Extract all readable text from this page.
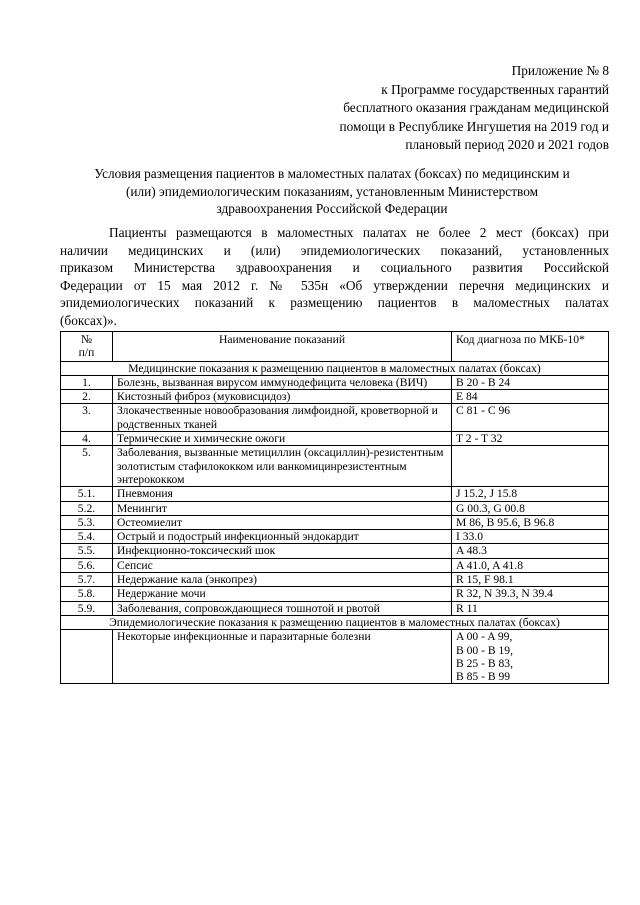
Приложение № 8
к Программе государственных гарантий
бесплатного оказания гражданам медицинской
помощи в Республике Ингушетия на 2019 год и
плановый период 2020 и 2021 годов
Условия размещения пациентов в маломестных палатах (боксах) по медицинским и
(или) эпидемиологическим показаниям, установленным Министерством
здравоохранения Российской Федерации
Пациенты размещаются в маломестных палатах не более 2 мест (боксах) при
наличии медицинских и (или) эпидемиологических показаний, установленных
приказом Министерства здравоохранения и социального развития Российской
Федерации от 15 мая 2012 г. № 535н «Об утверждении перечня медицинских и
эпидемиологических показаний к размещению пациентов в маломестных палатах
(боксах)».
№
п/п	Наименование показаний	Код диагноза по МКБ-10*
Медицинские показания к размещению пациентов в маломестных палатах (боксах)		
1.	Болезнь, вызванная вирусом иммунодефицита человека (ВИЧ)	B 20 - B 24
2.	Кистозный фиброз (муковисцидоз)	E 84
3.	Злокачественные новообразования лимфоидной, кроветворной и родственных тканей	C 81 - C 96
4.	Термические и химические ожоги	T 2 - T 32
5.	Заболевания, вызванные метициллин (оксациллин)-резистентным золотистым стафилококком или ванкомицинрезистентным энтерококком	
5.1.	Пневмония	J 15.2, J 15.8
5.2.	Менингит	G 00.3, G 00.8
5.3.	Остеомиелит	M 86, B 95.6, B 96.8
5.4.	Острый и подострый инфекционный эндокардит	I 33.0
5.5.	Инфекционно-токсический шок	A 48.3
5.6.	Сепсис	A 41.0, A 41.8
5.7.	Недержание кала (энкопрез)	R 15, F 98.1
5.8.	Недержание мочи	R 32, N 39.3, N 39.4
5.9.	Заболевания, сопровождающиеся тошнотой и рвотой	R 11
Эпидемиологические показания к размещению пациентов в маломестных палатах (боксах)		
	Некоторые инфекционные и паразитарные болезни	A 00 - A 99,
B 00 - B 19,
B 25 - B 83,
B 85 - B 99
